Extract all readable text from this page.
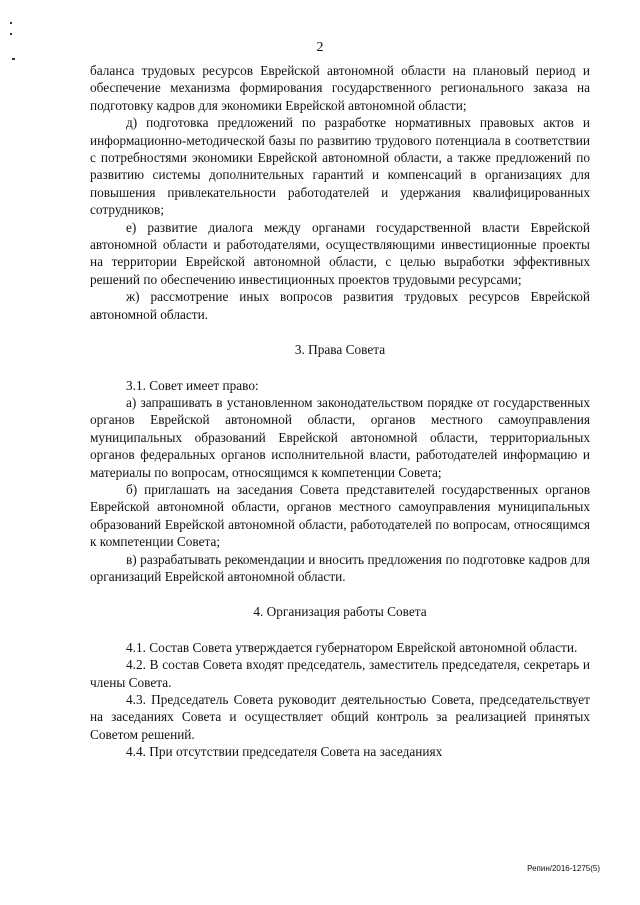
2

баланса трудовых ресурсов Еврейской автономной области на плановый период и обеспечение механизма формирования государственного регионального заказа на подготовку кадров для экономики Еврейской автономной области;

д) подготовка предложений по разработке нормативных правовых актов и информационно-методической базы по развитию трудового потенциала в соответствии с потребностями экономики Еврейской автономной области, а также предложений по развитию системы дополнительных гарантий и компенсаций в организациях для повышения привлекательности работодателей и удержания квалифицированных сотрудников;

е) развитие диалога между органами государственной власти Еврейской автономной области и работодателями, осуществляющими инвестиционные проекты на территории Еврейской автономной области, с целью выработки эффективных решений по обеспечению инвестиционных проектов трудовыми ресурсами;

ж) рассмотрение иных вопросов развития трудовых ресурсов Еврейской автономной области.

3. Права Совета

3.1. Совет имеет право:

а) запрашивать в установленном законодательством порядке от государственных органов Еврейской автономной области, органов местного самоуправления муниципальных образований Еврейской автономной области, территориальных органов федеральных органов исполнительной власти, работодателей информацию и материалы по вопросам, относящимся к компетенции Совета;

б) приглашать на заседания Совета представителей государственных органов Еврейской автономной области, органов местного самоуправления муниципальных образований Еврейской автономной области, работодателей по вопросам, относящимся к компетенции Совета;

в) разрабатывать рекомендации и вносить предложения по подготовке кадров для организаций Еврейской автономной области.

4. Организация работы Совета

4.1. Состав Совета утверждается губернатором Еврейской автономной области.

4.2. В состав Совета входят председатель, заместитель председателя, секретарь и члены Совета.

4.3. Председатель Совета руководит деятельностью Совета, председательствует на заседаниях Совета и осуществляет общий контроль за реализацией принятых Советом решений.

4.4. При отсутствии председателя Совета на заседаниях

Репин/2016-1275(5)
